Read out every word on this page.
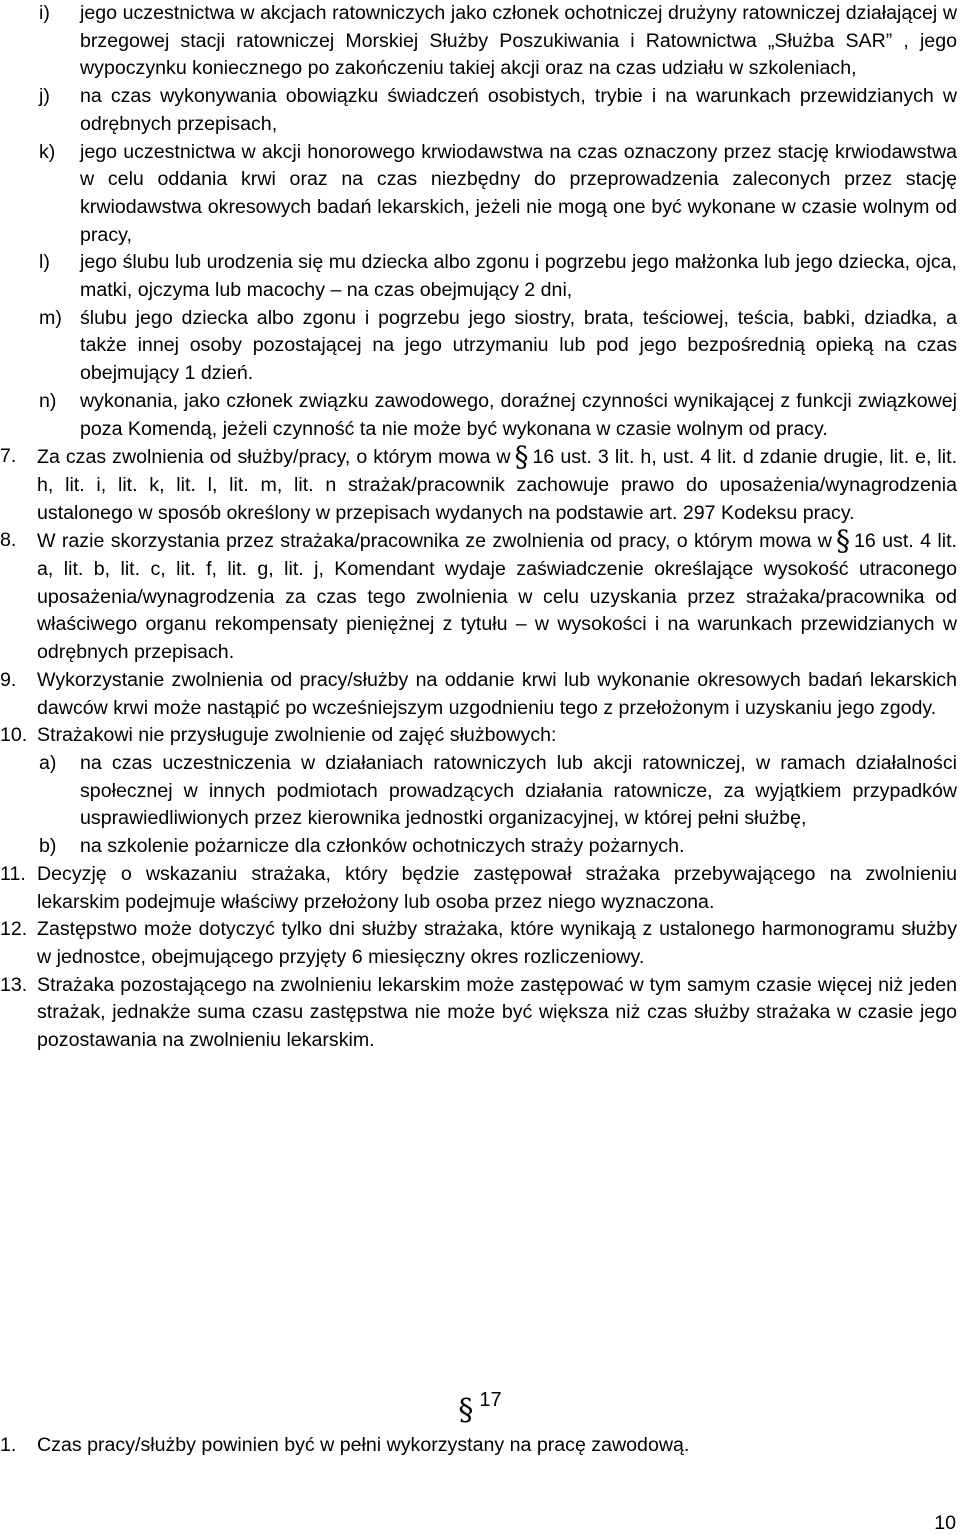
i) jego uczestnictwa w akcjach ratowniczych jako członek ochotniczej drużyny ratowniczej działającej w brzegowej stacji ratowniczej Morskiej Służby Poszukiwania i Ratownictwa „Służba SAR” , jego wypoczynku koniecznego po zakończeniu takiej akcji oraz na czas udziału w szkoleniach,
j) na czas wykonywania obowiązku świadczeń osobistych, trybie i na warunkach przewidzianych w odrębnych przepisach,
k) jego uczestnictwa w akcji honorowego krwiodawstwa na czas oznaczony przez stację krwiodawstwa w celu oddania krwi oraz na czas niezbędny do przeprowadzenia zaleconych przez stację krwiodawstwa okresowych badań lekarskich, jeżeli nie mogą one być wykonane w czasie wolnym od pracy,
l) jego ślubu lub urodzenia się mu dziecka albo zgonu i pogrzebu jego małżonka lub jego dziecka, ojca, matki, ojczyma lub macochy – na czas obejmujący 2 dni,
m) ślubu jego dziecka albo zgonu i pogrzebu jego siostry, brata, teściowej, teścia, babki, dziadka, a także innej osoby pozostającej na jego utrzymaniu lub pod jego bezpośrednią opieką na czas obejmujący 1 dzień.
n) wykonania, jako członek związku zawodowego, doraźnej czynności wynikającej z funkcji związkowej poza Komendą, jeżeli czynność ta nie może być wykonana w czasie wolnym od pracy.
7. Za czas zwolnienia od służby/pracy, o którym mowa w § 16 ust. 3 lit. h, ust. 4 lit. d zdanie drugie, lit. e, lit. h, lit. i, lit. k, lit. l, lit. m, lit. n strażak/pracownik zachowuje prawo do uposażenia/wynagrodzenia ustalonego w sposób określony w przepisach wydanych na podstawie art. 297 Kodeksu pracy.
8. W razie skorzystania przez strażaka/pracownika ze zwolnienia od pracy, o którym mowa w § 16 ust. 4 lit. a, lit. b, lit. c, lit. f, lit. g, lit. j, Komendant wydaje zaświadczenie określające wysokość utraconego uposażenia/wynagrodzenia za czas tego zwolnienia w celu uzyskania przez strażaka/pracownika od właściwego organu rekompensaty pieniężnej z tytułu – w wysokości i na warunkach przewidzianych w odrębnych przepisach.
9. Wykorzystanie zwolnienia od pracy/służby na oddanie krwi lub wykonanie okresowych badań lekarskich dawców krwi może nastąpić po wcześniejszym uzgodnieniu tego z przełożonym i uzyskaniu jego zgody.
10. Strażakowi nie przysługuje zwolnienie od zajęć służbowych:
a) na czas uczestniczenia w działaniach ratowniczych lub akcji ratowniczej, w ramach działalności społecznej w innych podmiotach prowadzących działania ratownicze, za wyjątkiem przypadków usprawiedliwionych przez kierownika jednostki organizacyjnej, w której pełni służbę,
b) na szkolenie pożarnicze dla członków ochotniczych straży pożarnych.
11. Decyzję o wskazaniu strażaka, który będzie zastępował strażaka przebywającego na zwolnieniu lekarskim podejmuje właściwy przełożony lub osoba przez niego wyznaczona.
12. Zastępstwo może dotyczyć tylko dni służby strażaka, które wynikają z ustalonego harmonogramu służby w jednostce, obejmującego przyjęty 6 miesięczny okres rozliczeniowy.
13. Strażaka pozostającego na zwolnieniu lekarskim może zastępować w tym samym czasie więcej niż jeden strażak, jednakże suma czasu zastępstwa nie może być większa niż czas służby strażaka w czasie jego pozostawania na zwolnieniu lekarskim.
§ 17
1. Czas pracy/służby powinien być w pełni wykorzystany na pracę zawodową.
10
